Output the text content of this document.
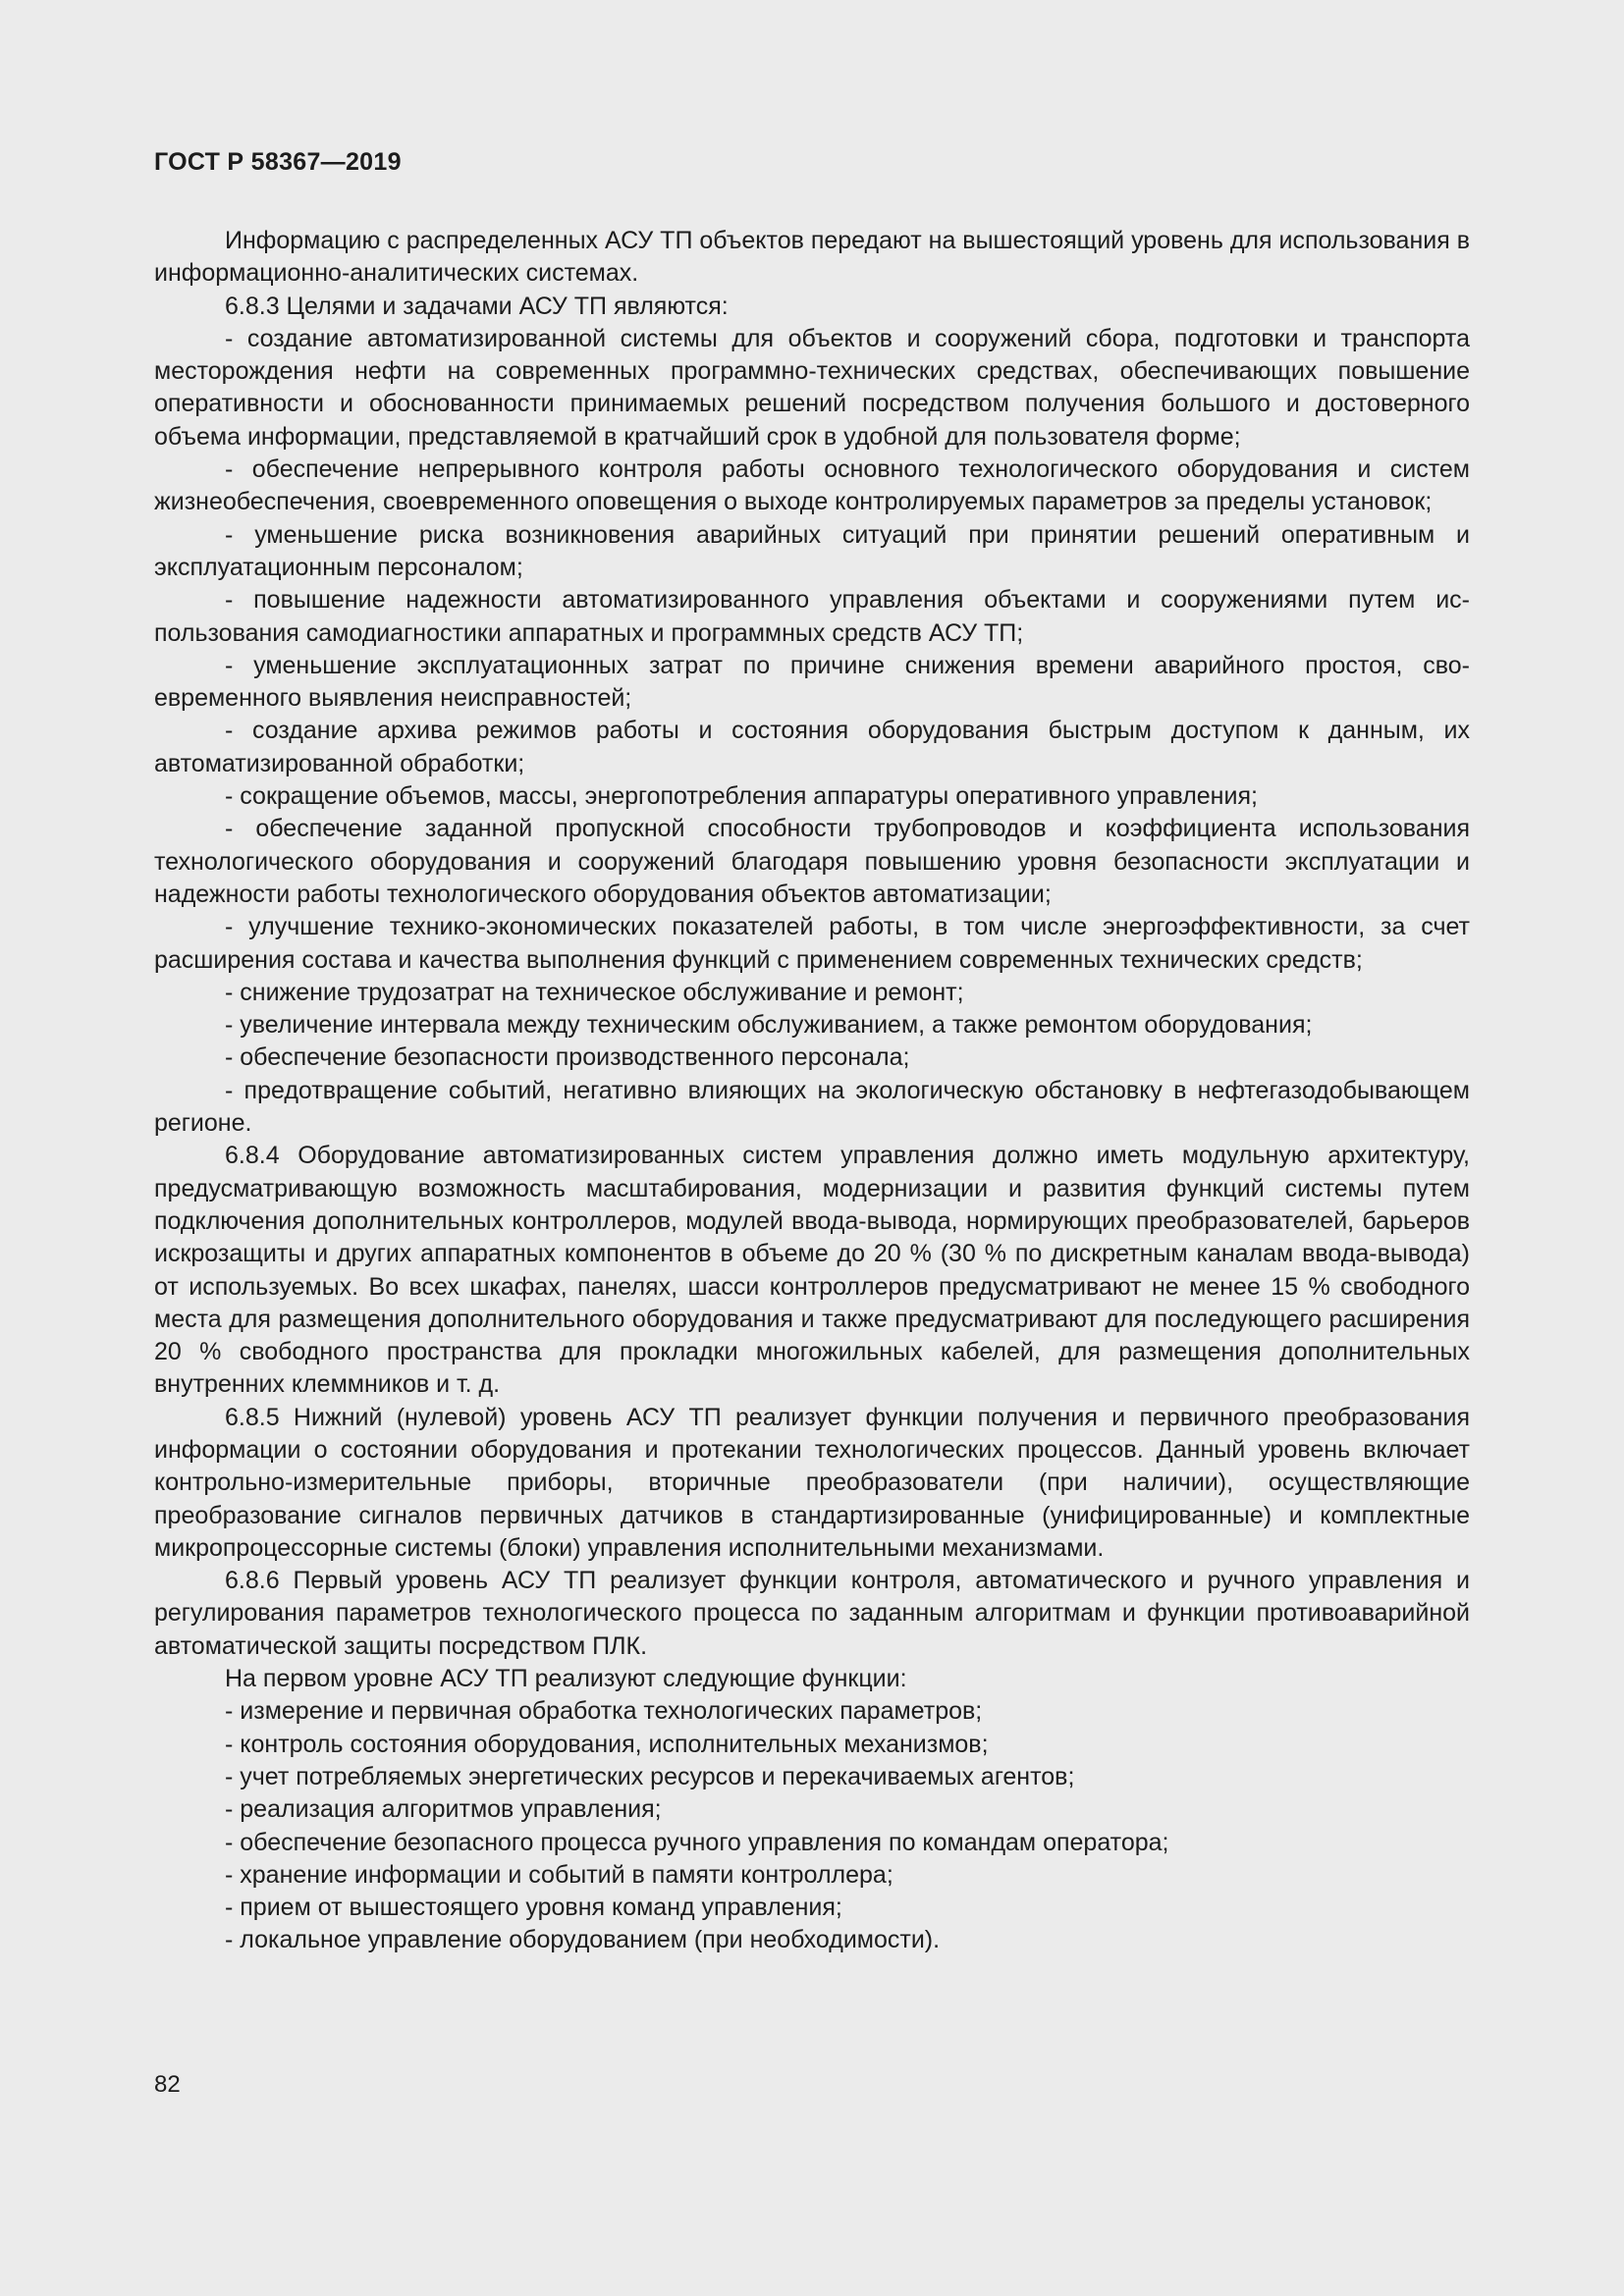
ГОСТ Р 58367—2019

Информацию с распределенных АСУ ТП объектов передают на вышестоящий уровень для использования в информационно-аналитических системах.

6.8.3 Целями и задачами АСУ ТП являются:

- создание автоматизированной системы для объектов и сооружений сбора, подготовки и транспорта месторождения нефти на современных программно-технических средствах, обеспечивающих повышение оперативности и обоснованности принимаемых решений посредством получения большого и достоверного объема информации, представляемой в кратчайший срок в удобной для пользователя форме;

- обеспечение непрерывного контроля работы основного технологического оборудования и систем жизнеобеспечения, своевременного оповещения о выходе контролируемых параметров за пределы установок;

- уменьшение риска возникновения аварийных ситуаций при принятии решений оперативным и эксплуатационным персоналом;

- повышение надежности автоматизированного управления объектами и сооружениями путем использования самодиагностики аппаратных и программных средств АСУ ТП;

- уменьшение эксплуатационных затрат по причине снижения времени аварийного простоя, своевременного выявления неисправностей;

- создание архива режимов работы и состояния оборудования быстрым доступом к данным, их автоматизированной обработки;

- сокращение объемов, массы, энергопотребления аппаратуры оперативного управления;

- обеспечение заданной пропускной способности трубопроводов и коэффициента использования технологического оборудования и сооружений благодаря повышению уровня безопасности эксплуатации и надежности работы технологического оборудования объектов автоматизации;

- улучшение технико-экономических показателей работы, в том числе энергоэффективности, за счет расширения состава и качества выполнения функций с применением современных технических средств;

- снижение трудозатрат на техническое обслуживание и ремонт;

- увеличение интервала между техническим обслуживанием, а также ремонтом оборудования;

- обеспечение безопасности производственного персонала;

- предотвращение событий, негативно влияющих на экологическую обстановку в нефтегазодобывающем регионе.

6.8.4 Оборудование автоматизированных систем управления должно иметь модульную архитектуру, предусматривающую возможность масштабирования, модернизации и развития функций системы путем подключения дополнительных контроллеров, модулей ввода-вывода, нормирующих преобразователей, барьеров искрозащиты и других аппаратных компонентов в объеме до 20 % (30 % по дискретным каналам ввода-вывода) от используемых. Во всех шкафах, панелях, шасси контроллеров предусматривают не менее 15 % свободного места для размещения дополнительного оборудования и также предусматривают для последующего расширения 20 % свободного пространства для прокладки многожильных кабелей, для размещения дополнительных внутренних клеммников и т. д.

6.8.5 Нижний (нулевой) уровень АСУ ТП реализует функции получения и первичного преобразования информации о состоянии оборудования и протекании технологических процессов. Данный уровень включает контрольно-измерительные приборы, вторичные преобразователи (при наличии), осуществляющие преобразование сигналов первичных датчиков в стандартизированные (унифицированные) и комплектные микропроцессорные системы (блоки) управления исполнительными механизмами.

6.8.6 Первый уровень АСУ ТП реализует функции контроля, автоматического и ручного управления и регулирования параметров технологического процесса по заданным алгоритмам и функции противоаварийной автоматической защиты посредством ПЛК.

На первом уровне АСУ ТП реализуют следующие функции:

- измерение и первичная обработка технологических параметров;

- контроль состояния оборудования, исполнительных механизмов;

- учет потребляемых энергетических ресурсов и перекачиваемых агентов;

- реализация алгоритмов управления;

- обеспечение безопасного процесса ручного управления по командам оператора;

- хранение информации и событий в памяти контроллера;

- прием от вышестоящего уровня команд управления;

- локальное управление оборудованием (при необходимости).

82
